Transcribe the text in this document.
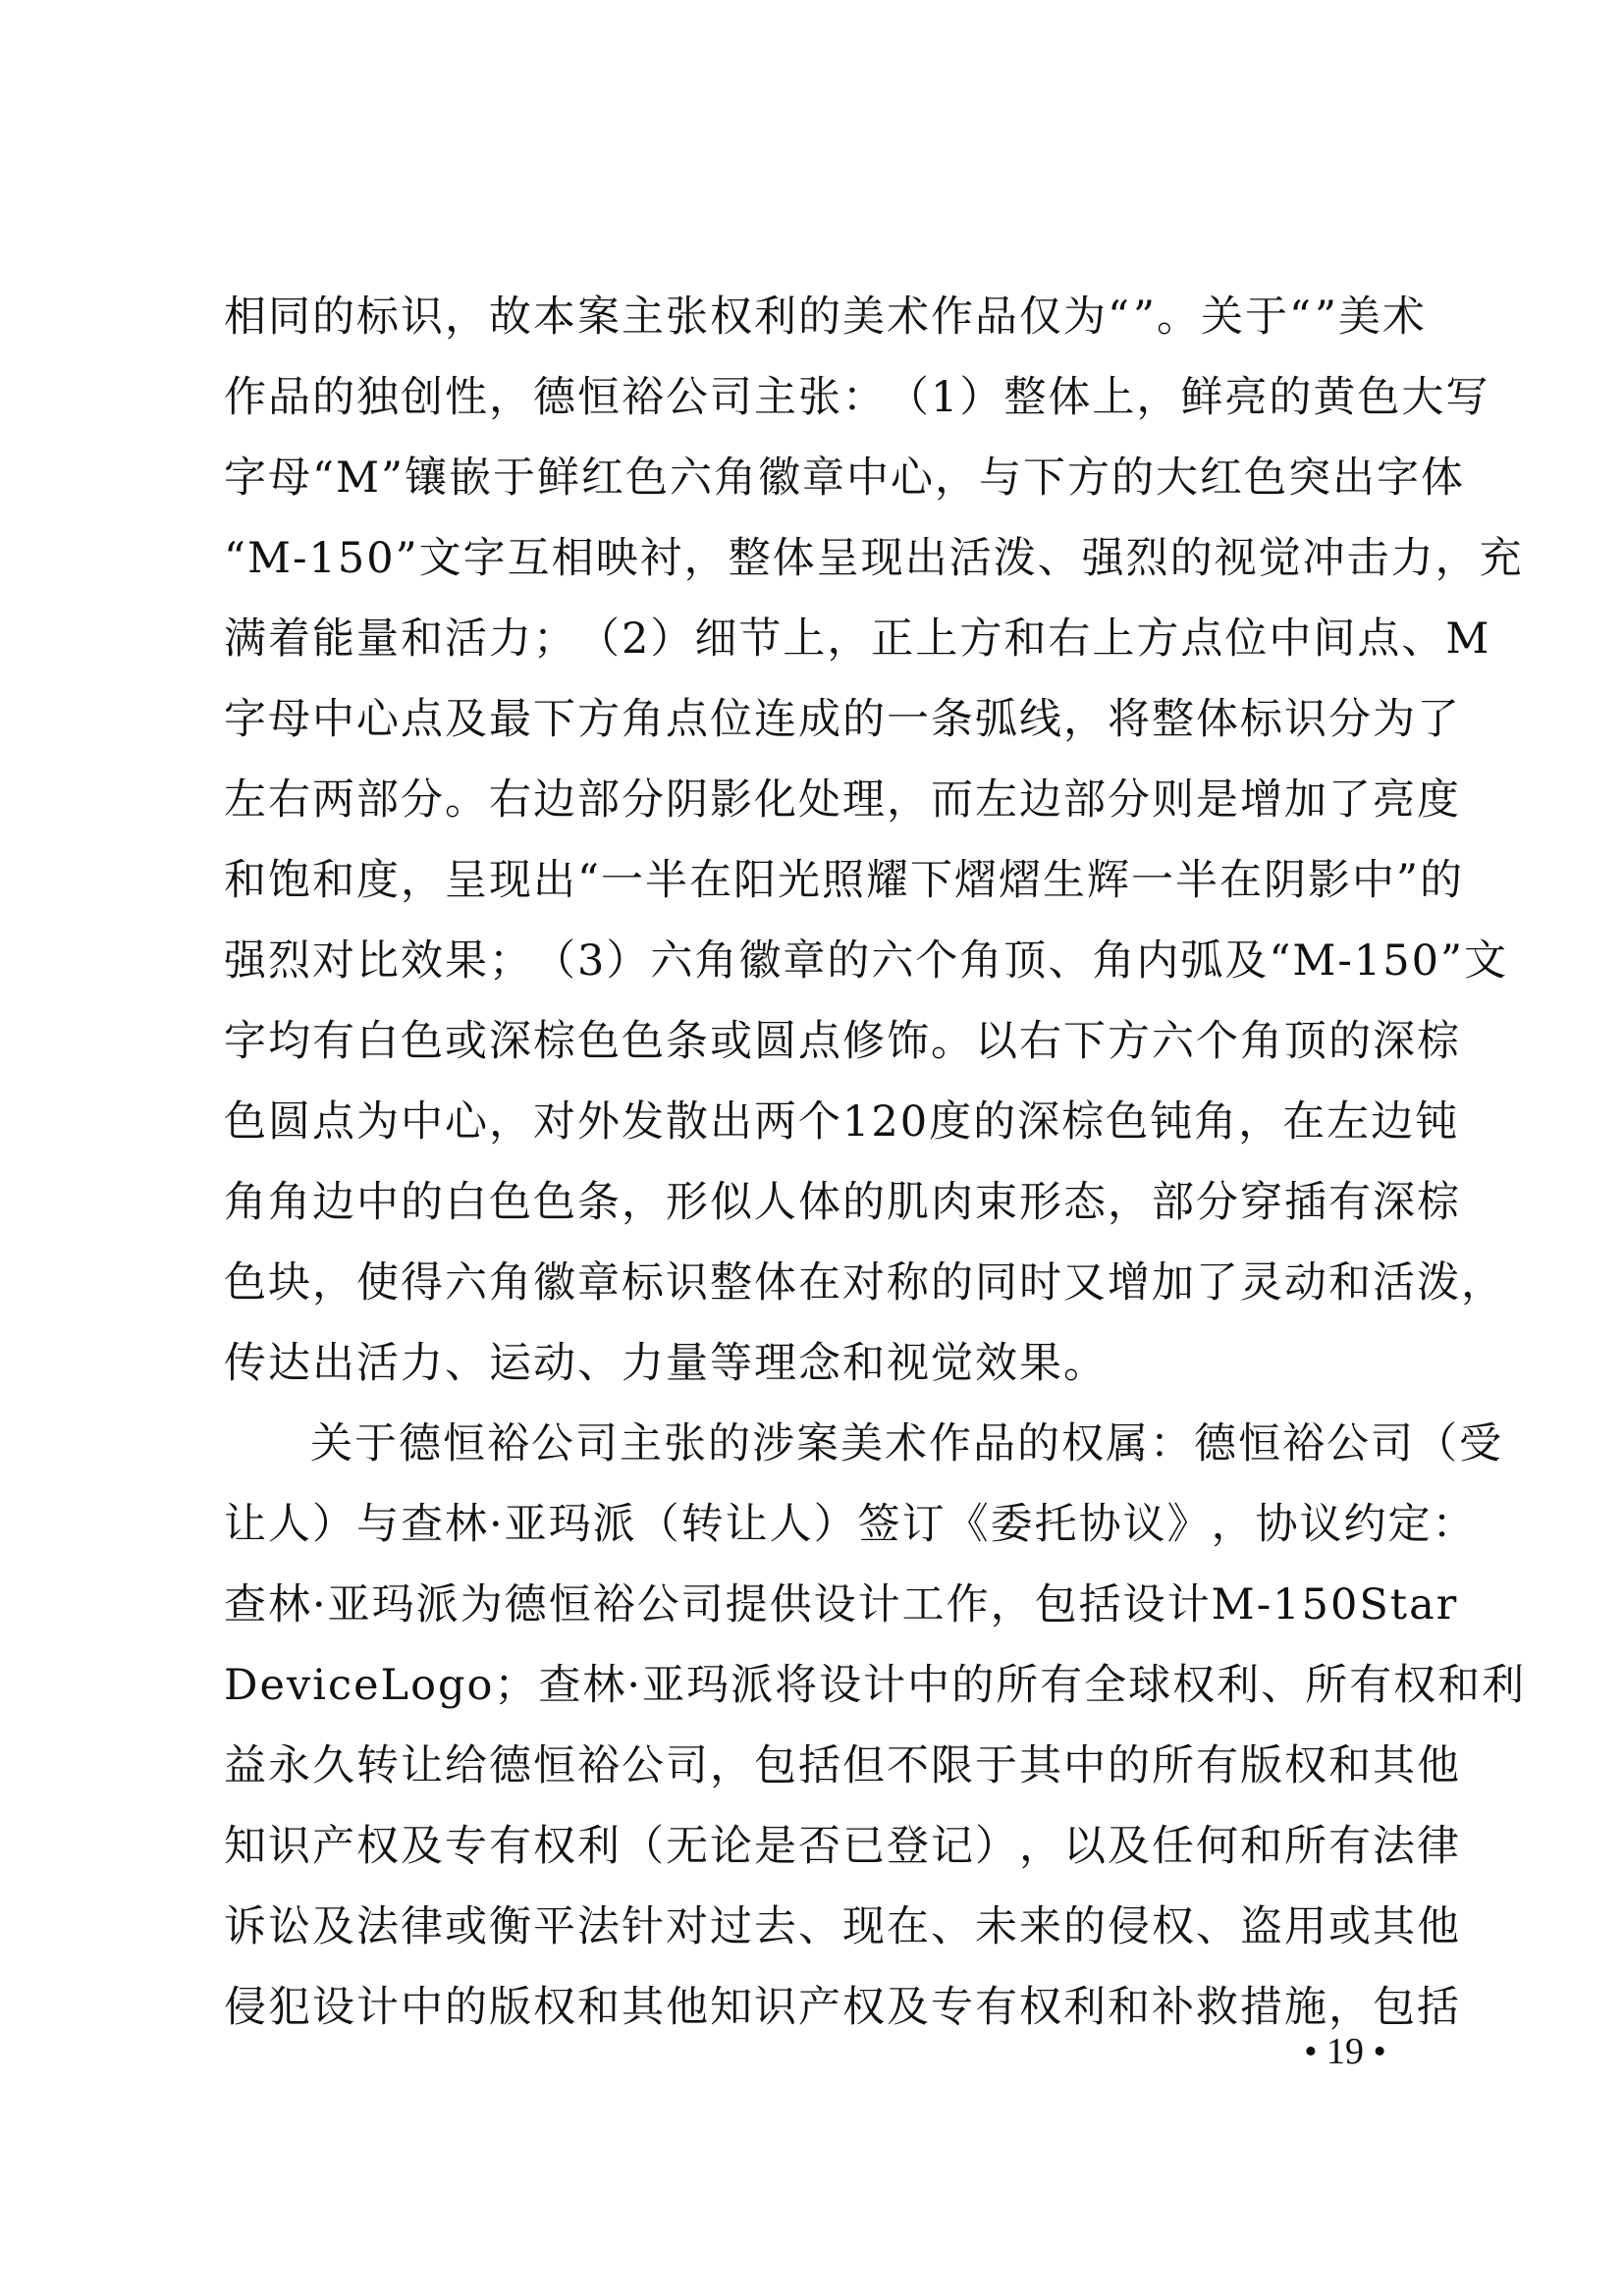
相同的标识，故本案主张权利的美术作品仅为“ ”。关于“ ”美术
作 品 的 独 创 性 ， 德 恒 裕 公 司 主 张 ： （ 1 ） 整 体 上 ， 鲜 亮 的 黄 色 大 写
字 母 “ M ” 镶 嵌 于 鲜 红 色 六 角 徽 章 中 心 ， 与 下 方 的 大 红 色 突 出 字 体
“ M - 1 5 0 ” 文 字 互 相 映 衬 ， 整 体 呈 现 出 活 泼 、 强 烈 的 视 觉 冲 击 力 ， 充
满 着 能 量 和 活 力 ； （ 2 ） 细 节 上 ， 正 上 方 和 右 上 方 点 位 中 间 点 、 M
字 母 中 心 点 及 最 下 方 角 点 位 连 成 的 一 条 弧 线 ， 将 整 体 标 识 分 为 了
左 右 两 部 分 。 右 边 部 分 阴 影 化 处 理 ， 而 左 边 部 分 则 是 增 加 了 亮 度
和 饱 和 度 ， 呈 现 出 “ 一 半 在 阳 光 照 耀 下 熠 熠 生 辉 一 半 在 阴 影 中 ” 的
强 烈 对 比 效 果 ； （ 3 ） 六 角 徽 章 的 六 个 角 顶 、 角 内 弧 及 “ M - 1 5 0 ” 文
字 均 有 白 色 或 深 棕 色 色 条 或 圆 点 修 饰 。 以 右 下 方 六 个 角 顶 的 深 棕
色 圆 点 为 中 心 ， 对 外 发 散 出 两 个 1 2 0 度 的 深 棕 色 钝 角 ， 在 左 边 钝
角 角 边 中 的 白 色 色 条 ， 形 似 人 体 的 肌 肉 束 形 态 ， 部 分 穿 插 有 深 棕
色 块 ， 使 得 六 角 徽 章 标 识 整 体 在 对 称 的 同 时 又 增 加 了 灵 动 和 活 泼 ，
传达出活力、运动、力量等理念和视觉效果。
关 于 德 恒 裕 公 司 主 张 的 涉 案 美 术 作 品 的 权 属 ： 德 恒 裕 公 司 （ 受
让 人 ） 与 查 林 · 亚 玛 派 （ 转 让 人 ） 签 订 《 委 托 协 议 》 ， 协 议 约 定 ：
查 林 · 亚 玛 派 为 德 恒 裕 公 司 提 供 设 计 工 作 ， 包 括 设 计 M - 1 5 0 S t a r
D e v i c e L o g o ； 查 林 · 亚 玛 派 将 设 计 中 的 所 有 全 球 权 利 、 所 有 权 和 利
益 永 久 转 让 给 德 恒 裕 公 司 ， 包 括 但 不 限 于 其 中 的 所 有 版 权 和 其 他
知 识 产 权 及 专 有 权 利 （ 无 论 是 否 已 登 记 ） ， 以 及 任 何 和 所 有 法 律
诉 讼 及 法 律 或 衡 平 法 针 对 过 去 、 现 在 、 未 来 的 侵 权 、 盗 用 或 其 他
侵 犯 设 计 中 的 版 权 和 其 他 知 识 产 权 及 专 有 权 利 和 补 救 措 施 ， 包 括
• 19 •
